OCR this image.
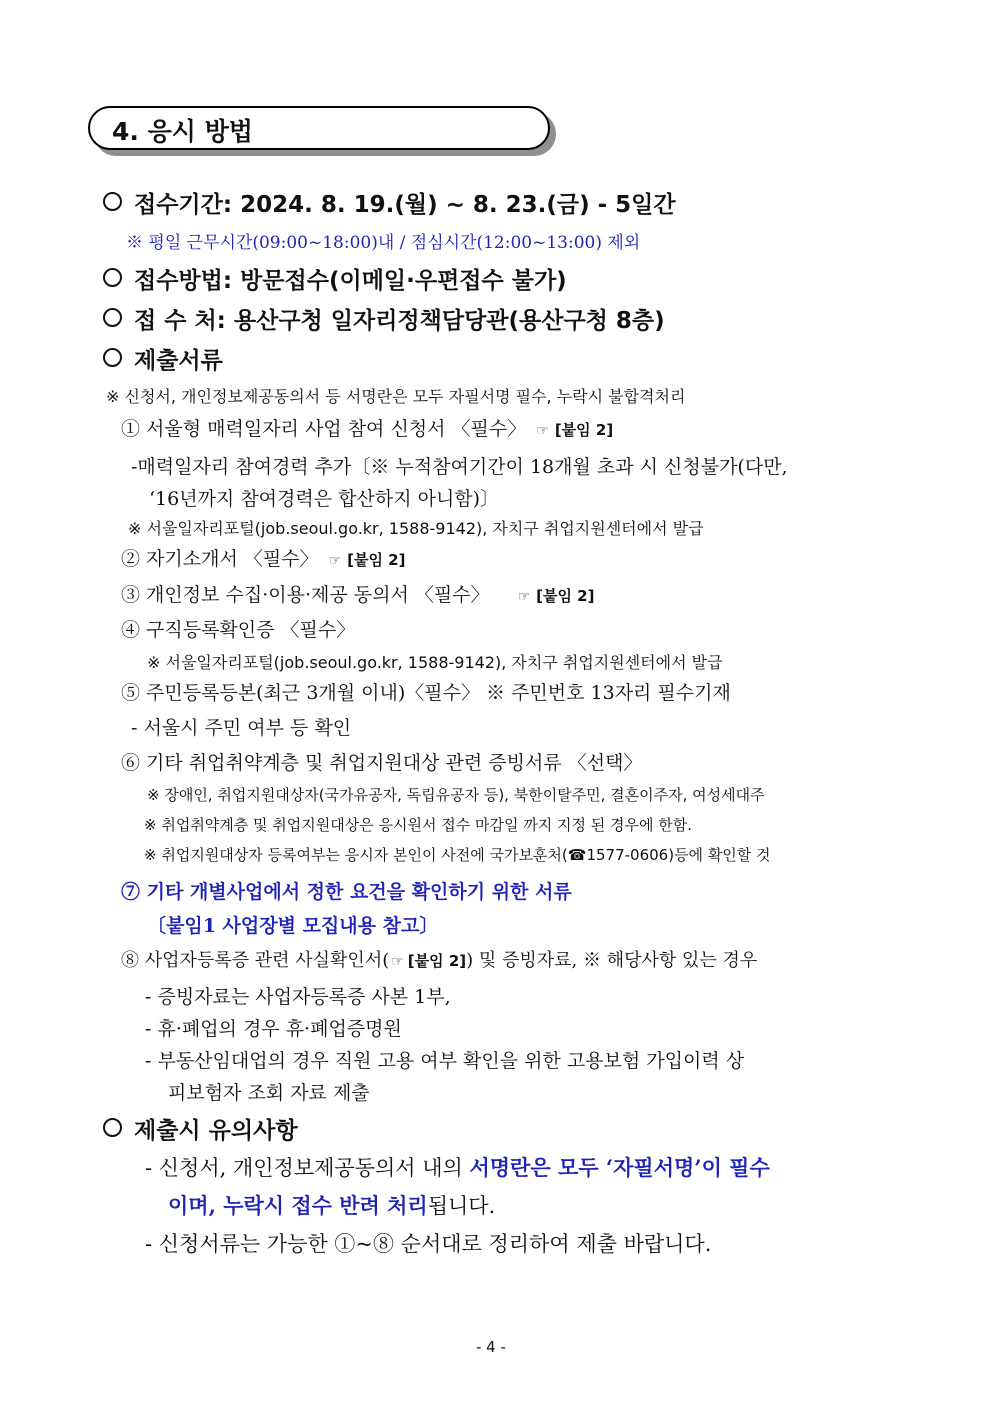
4. 응시 방법
접수기간: 2024. 8. 19.(월) ~ 8. 23.(금) - 5일간
※ 평일 근무시간(09:00~18:00)내 / 점심시간(12:00~13:00) 제외
접수방법: 방문접수(이메일·우편접수 불가)
접 수 처: 용산구청 일자리정책담당관(용산구청 8층)
제출서류
※ 신청서, 개인정보제공동의서 등 서명란은 모두 자필서명 필수, 누락시 불합격처리
① 서울형 매력일자리 사업 참여 신청서 〈필수〉 ☞ [붙임 2]
-매력일자리 참여경력 추가〔※ 누적참여기간이 18개월 초과 시 신청불가(다만,
‘16년까지 참여경력은 합산하지 아니함)〕
※ 서울일자리포털(job.seoul.go.kr, 1588-9142), 자치구 취업지원센터에서 발급
② 자기소개서 〈필수〉 ☞ [붙임 2]
③ 개인정보 수집·이용·제공 동의서 〈필수〉 ☞ [붙임 2]
④ 구직등록확인증 〈필수〉
※ 서울일자리포털(job.seoul.go.kr, 1588-9142), 자치구 취업지원센터에서 발급
⑤ 주민등록등본(최근 3개월 이내)〈필수〉 ※ 주민번호 13자리 필수기재
- 서울시 주민 여부 등 확인
⑥ 기타 취업취약계층 및 취업지원대상 관련 증빙서류 〈선택〉
※ 장애인, 취업지원대상자(국가유공자, 독립유공자 등), 북한이탈주민, 결혼이주자, 여성세대주
※ 취업취약계층 및 취업지원대상은 응시원서 접수 마감일 까지 지정 된 경우에 한함.
※ 취업지원대상자 등록여부는 응시자 본인이 사전에 국가보훈처(☎1577-0606)등에 확인할 것
⑦ 기타 개별사업에서 정한 요건을 확인하기 위한 서류
〔붙임1 사업장별 모집내용 참고〕
⑧ 사업자등록증 관련 사실확인서( ☞ [붙임 2]) 및 증빙자료, ※ 해당사항 있는 경우
- 증빙자료는 사업자등록증 사본 1부,
- 휴·폐업의 경우 휴·폐업증명원
- 부동산임대업의 경우 직원 고용 여부 확인을 위한 고용보험 가입이력 상
피보험자 조회 자료 제출
제출시 유의사항
- 신청서, 개인정보제공동의서 내의 서명란은 모두 ‘자필서명’이 필수
이며, 누락시 접수 반려 처리됩니다.
- 신청서류는 가능한 ①~⑧ 순서대로 정리하여 제출 바랍니다.
- 4 -
